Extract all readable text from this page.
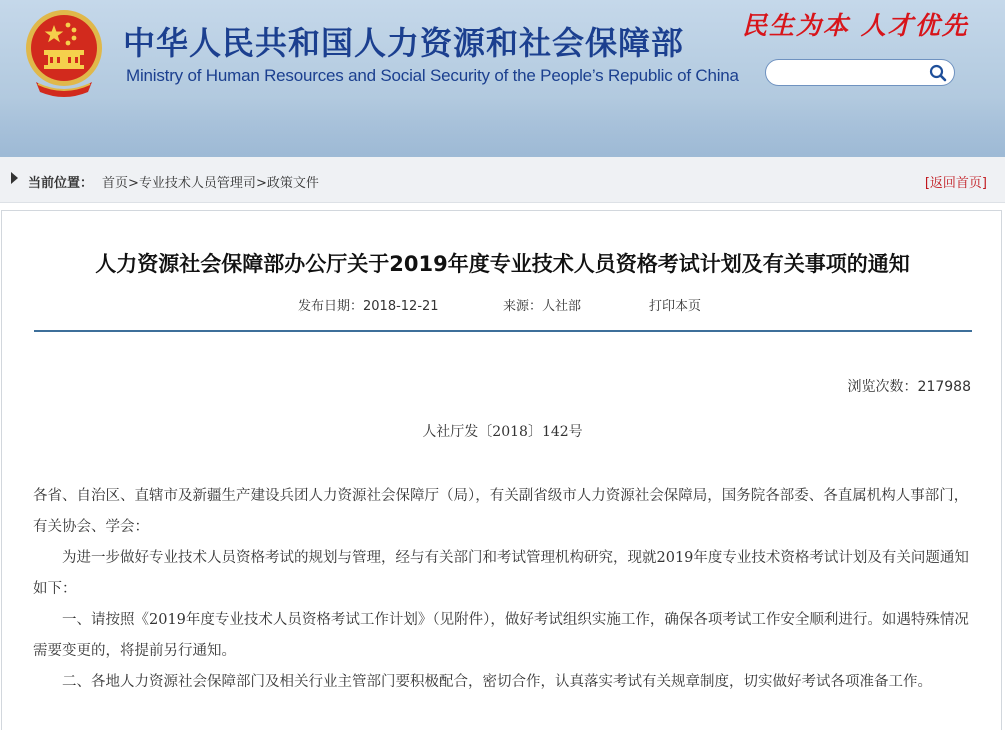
中华人民共和国人力资源和社会保障部
Ministry of Human Resources and Social Security of the People’s Republic of China
民生为本 人才优先
当前位置： 首页>专业技术人员管理司>政策文件	[返回首页]
人力资源社会保障部办公厅关于2019年度专业技术人员资格考试计划及有关事项的通知
发布日期：2018-12-21	来源：人社部	打印本页
浏览次数：217988
人社厅发〔2018〕142号

各省、自治区、直辖市及新疆生产建设兵团人力资源社会保障厅（局），有关副省级市人力资源社会保障局，国务院各部委、各直属机构人事部门，有关协会、学会：

为进一步做好专业技术人员资格考试的规划与管理，经与有关部门和考试管理机构研究，现就2019年度专业技术资格考试计划及有关问题通知如下：

一、请按照《2019年度专业技术人员资格考试工作计划》（见附件），做好考试组织实施工作，确保各项考试工作安全顺利进行。如遇特殊情况需要变更的，将提前另行通知。

二、各地人力资源社会保障部门及相关行业主管部门要积极配合，密切合作，认真落实考试有关规章制度，切实做好考试各项准备工作。
